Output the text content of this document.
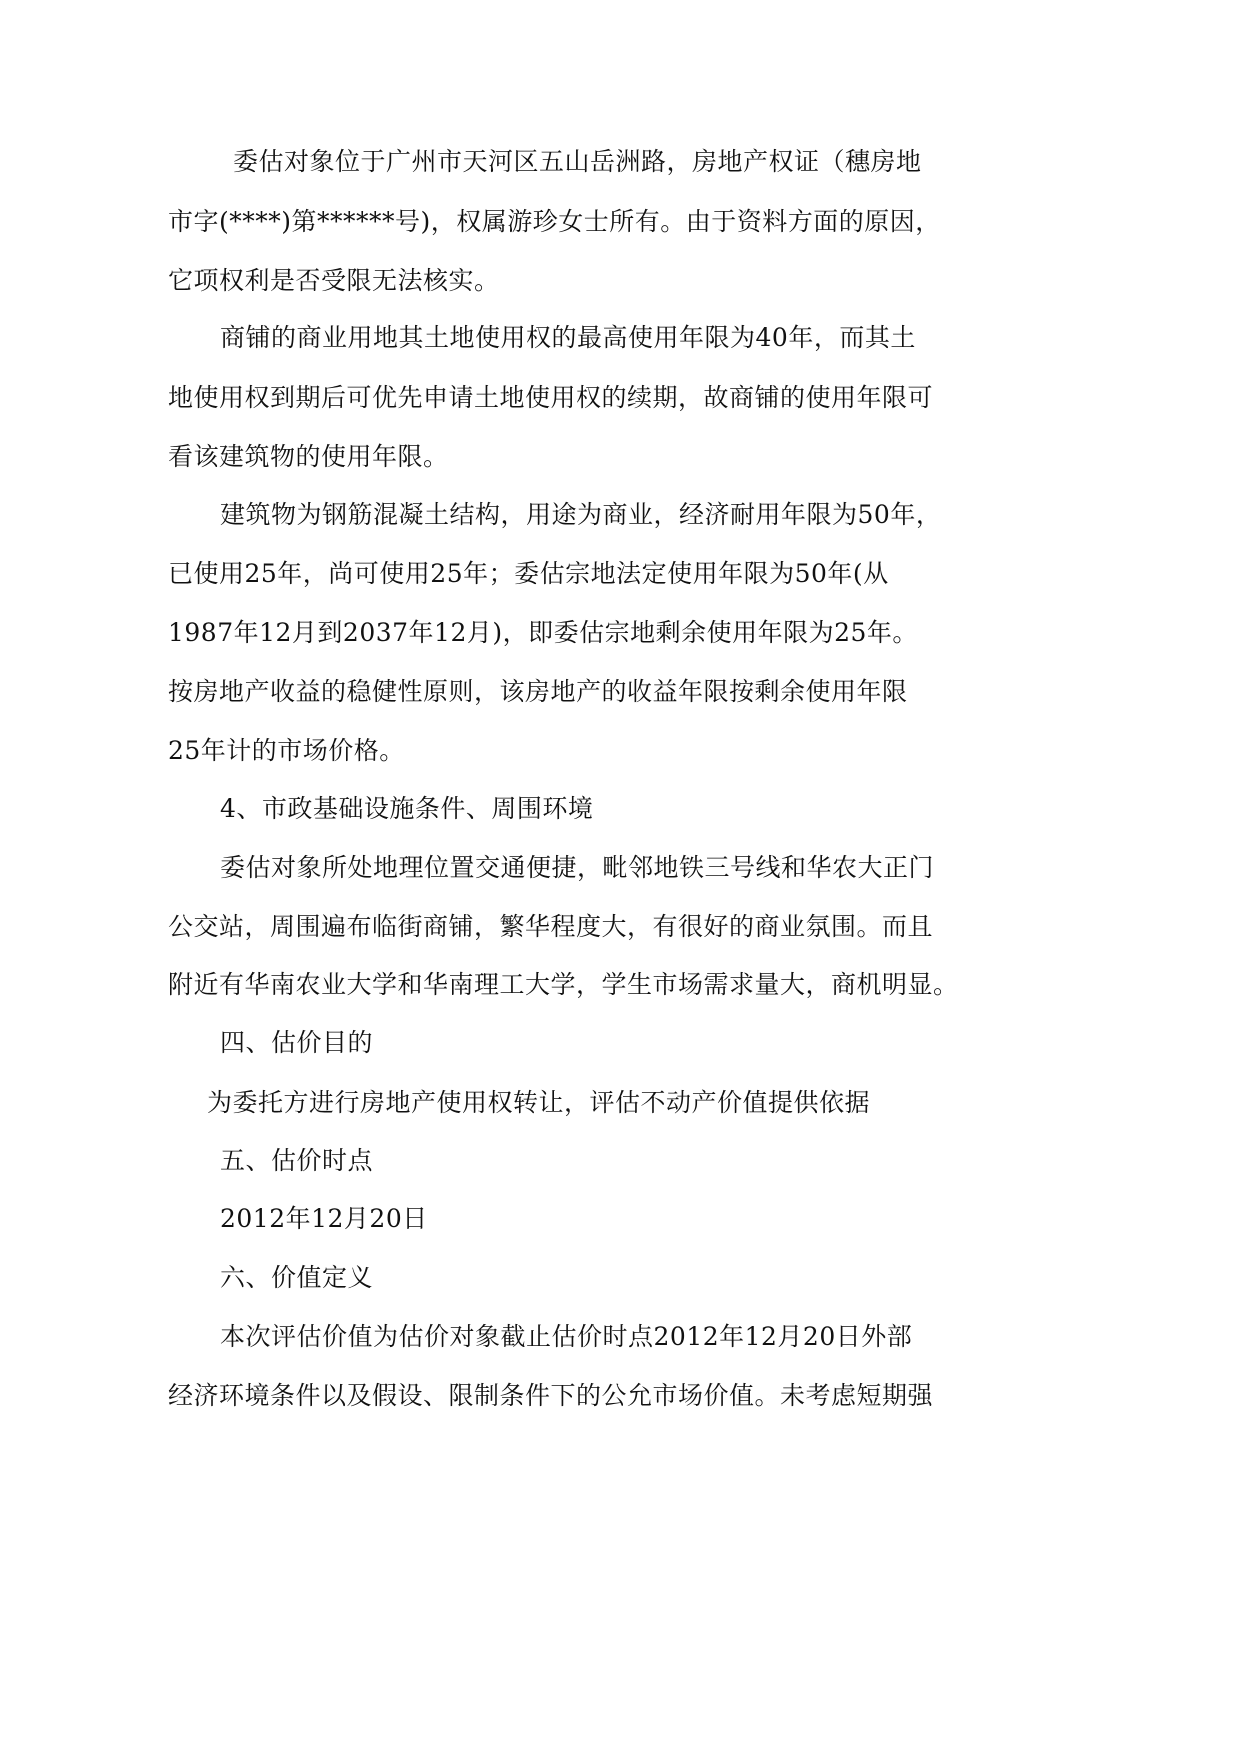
委估对象位于广州市天河区五山岳洲路，房地产权证（穗房地
市字(****)第******号)，权属游珍女士所有。由于资料方面的原因，
它项权利是否受限无法核实。
商铺的商业用地其土地使用权的最高使用年限为40年，而其土
地使用权到期后可优先申请土地使用权的续期，故商铺的使用年限可
看该建筑物的使用年限。
建筑物为钢筋混凝土结构，用途为商业，经济耐用年限为50年，
已使用25年，尚可使用25年；委估宗地法定使用年限为50年(从
1987年12月到2037年12月)，即委估宗地剩余使用年限为25年。
按房地产收益的稳健性原则，该房地产的收益年限按剩余使用年限
25年计的市场价格。
4、市政基础设施条件、周围环境
委估对象所处地理位置交通便捷，毗邻地铁三号线和华农大正门
公交站，周围遍布临街商铺，繁华程度大，有很好的商业氛围。而且
附近有华南农业大学和华南理工大学，学生市场需求量大，商机明显。
四、估价目的
为委托方进行房地产使用权转让，评估不动产价值提供依据
五、估价时点
2012年12月20日
六、价值定义
本次评估价值为估价对象截止估价时点2012年12月20日外部
经济环境条件以及假设、限制条件下的公允市场价值。未考虑短期强
